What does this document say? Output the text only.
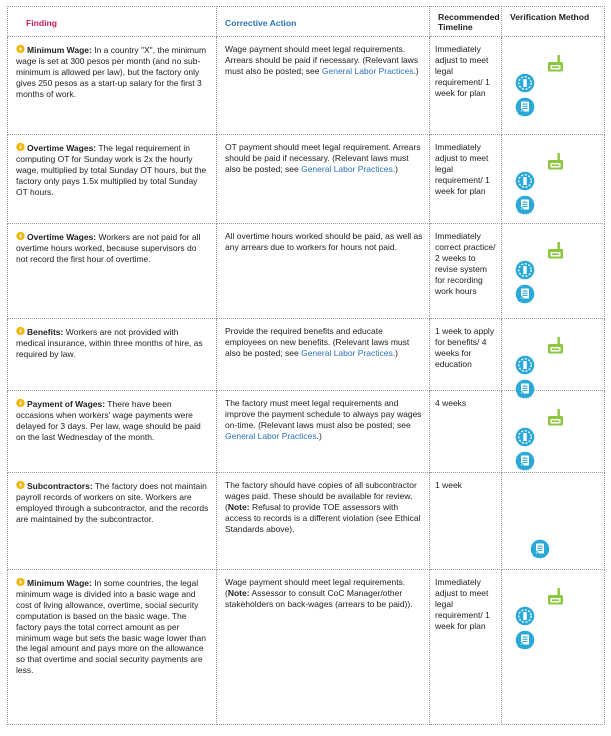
Finding	Corrective Action	Recommended Timeline	Verification Method
Minimum Wage: In a country "X", the minimum wage is set at 300 pesos per month (and no sub-minimum is allowed per law), but the factory only gives 250 pesos as a start-up salary for the first 3 months of work.	Wage payment should meet legal requirements. Arrears should be paid if necessary. (Relevant laws must also be posted; see General Labor Practices.)	Immediately adjust to meet legal requirement/ 1 week for plan	

Overtime Wages: The legal requirement in computing OT for Sunday work is 2x the hourly wage, multiplied by total Sunday OT hours, but the factory only pays 1.5x multiplied by total Sunday OT hours.	OT payment should meet legal requirement. Arrears should be paid if necessary. (Relevant laws must also be posted; see General Labor Practices.)	Immediately adjust to meet legal requirement/ 1 week for plan	

Overtime Wages: Workers are not paid for all overtime hours worked, because supervisors do not record the first hour of overtime.	All overtime hours worked should be paid, as well as any arrears due to workers for hours not paid.	Immediately correct practice/ 2 weeks to revise system for recording work hours	

Benefits: Workers are not provided with medical insurance, within three months of hire, as required by law.	Provide the required benefits and educate employees on new benefits. (Relevant laws must also be posted; see General Labor Practices.)	1 week to apply for benefits/ 4 weeks for education	

Payment of Wages: There have been occasions when workers' wage payments were delayed for 3 days. Per law, wage should be paid on the last Wednesday of the month.	The factory must meet legal requirements and improve the payment schedule to always pay wages on-time. (Relevant laws must also be posted; see General Labor Practices.)	4 weeks	

Subcontractors: The factory does not maintain payroll records of workers on site. Workers are employed through a subcontractor, and the records are maintained by the subcontractor.	The factory should have copies of all subcontractor wages paid. These should be available for review. (Note: Refusal to provide TOE assessors with access to records is a different violation (see Ethical Standards above).	1 week	

Minimum Wage: In some countries, the legal minimum wage is divided into a basic wage and cost of living allowance, overtime, social security computation is based on the basic wage. The factory pays the total correct amount as per minimum wage but sets the basic wage lower than the legal amount and pays more on the allowance so that overtime and social security payments are less.	Wage payment should meet legal requirements. (Note: Assessor to consult CoC Manager/other stakeholders on back-wages (arrears to be paid)).	Immediately adjust to meet legal requirement/ 1 week for plan	
